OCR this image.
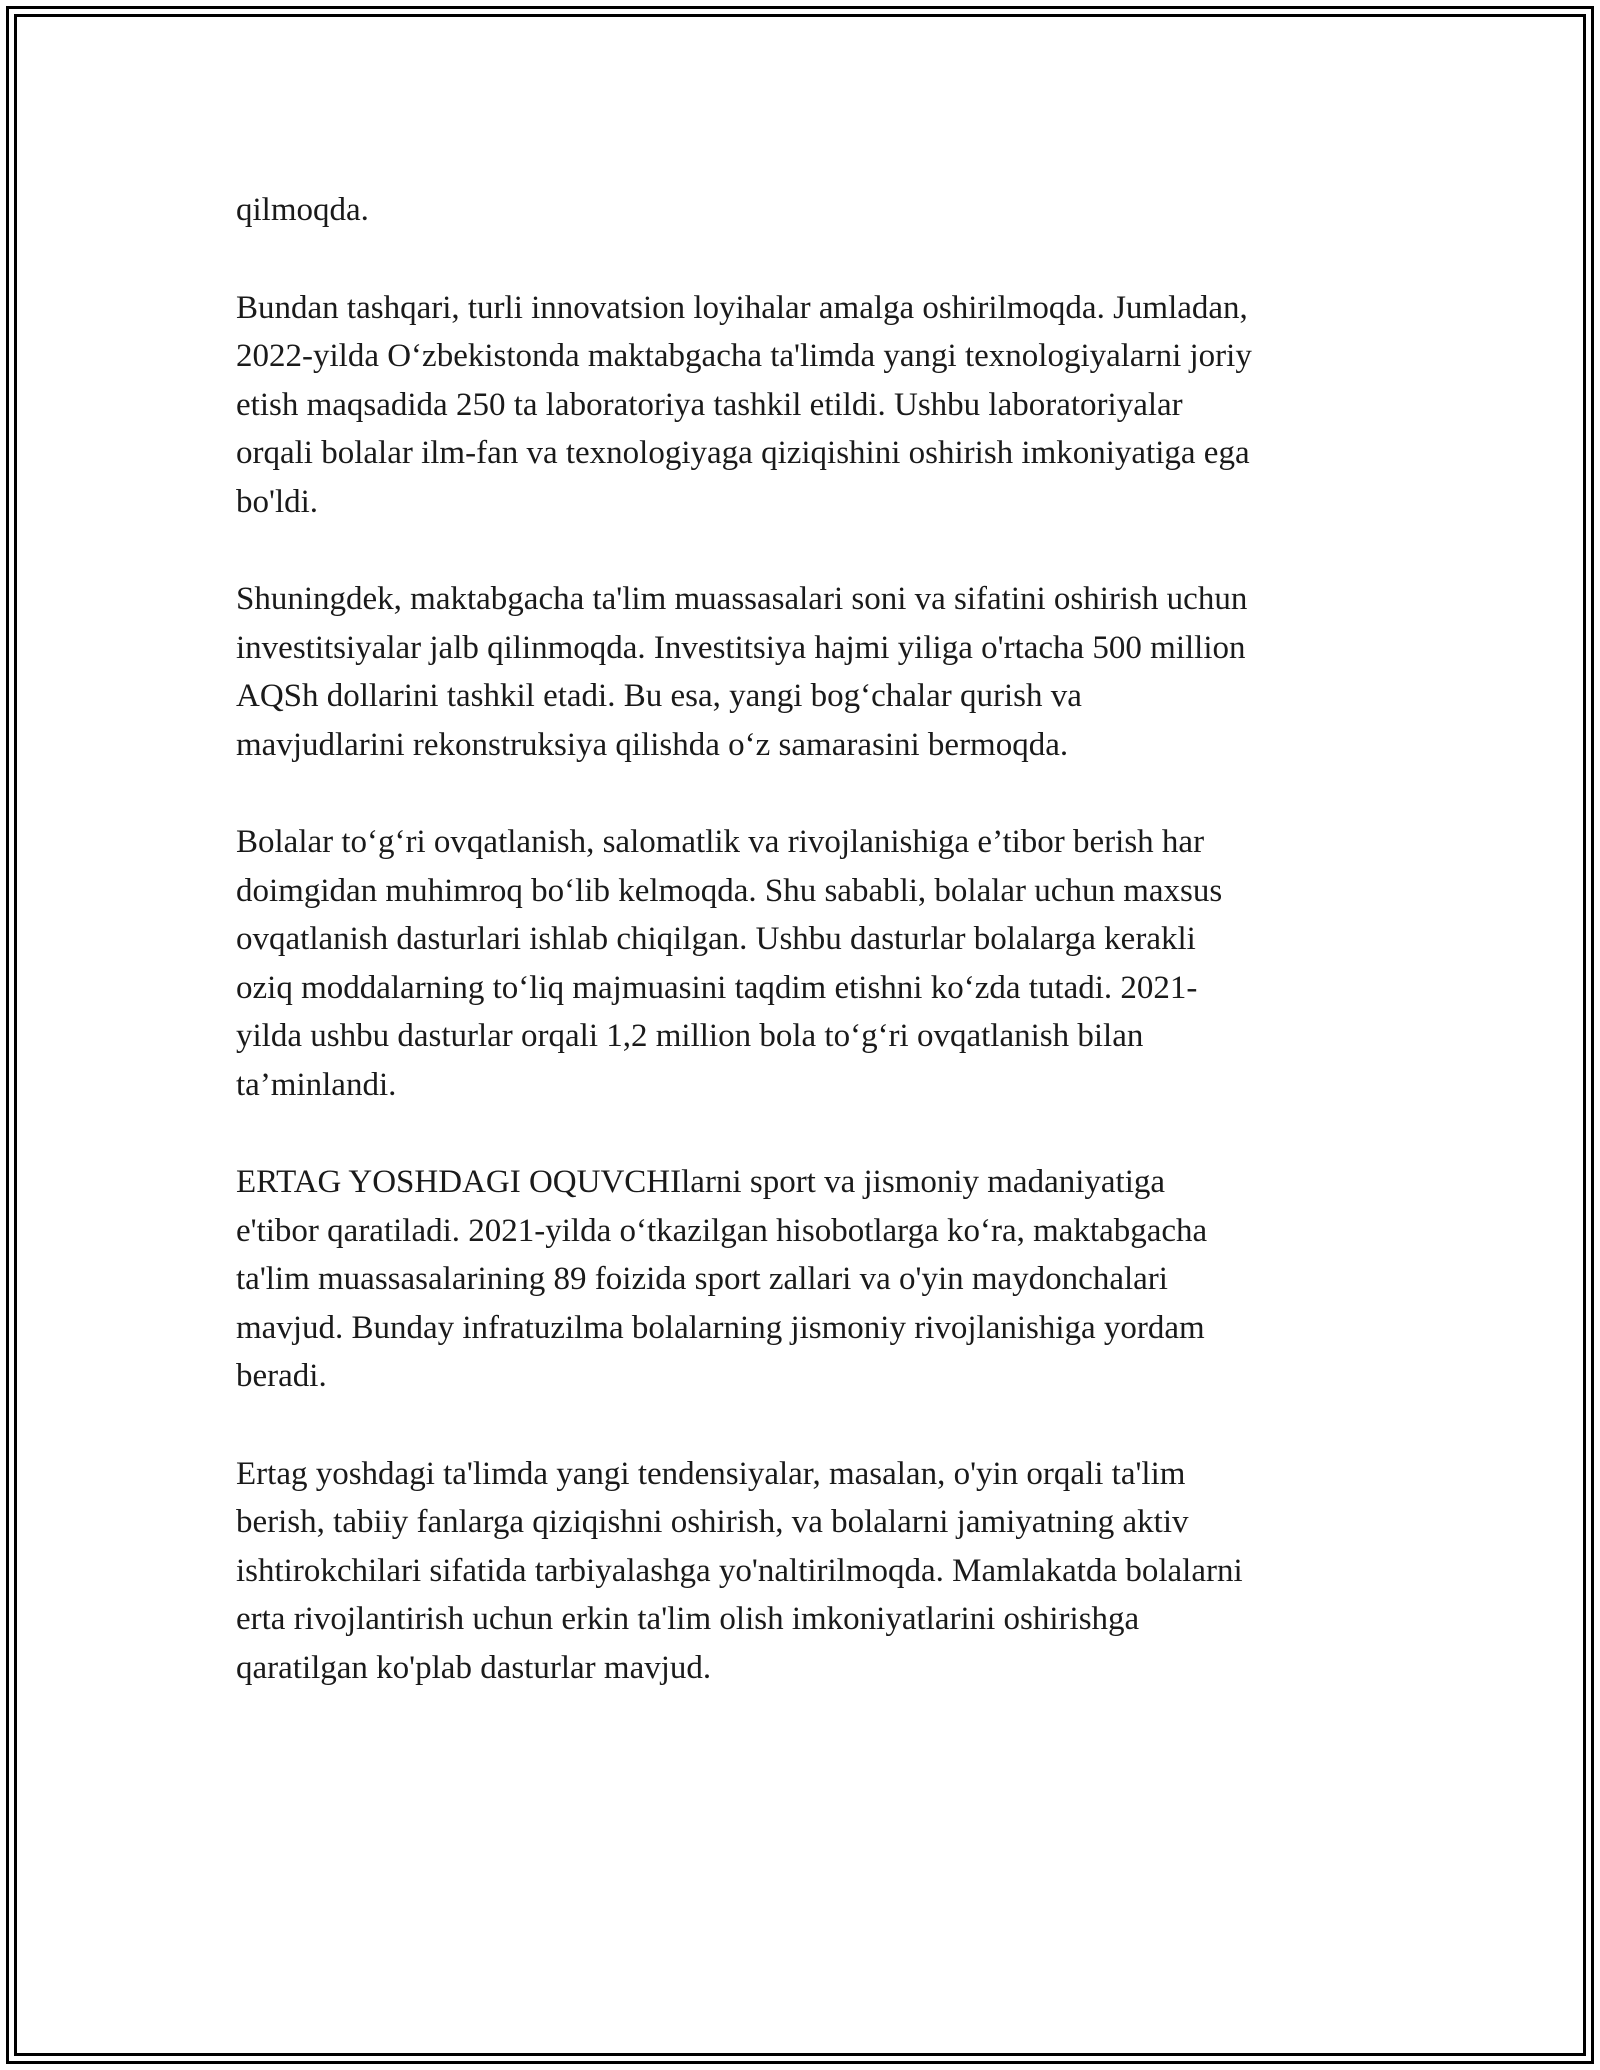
qilmoqda.

Bundan tashqari, turli innovatsion loyihalar amalga oshirilmoqda. Jumladan,
2022-yilda O‘zbekistonda maktabgacha ta'limda yangi texnologiyalarni joriy
etish maqsadida 250 ta laboratoriya tashkil etildi. Ushbu laboratoriyalar
orqali bolalar ilm-fan va texnologiyaga qiziqishini oshirish imkoniyatiga ega
bo'ldi.

Shuningdek, maktabgacha ta'lim muassasalari soni va sifatini oshirish uchun
investitsiyalar jalb qilinmoqda. Investitsiya hajmi yiliga o'rtacha 500 million
AQSh dollarini tashkil etadi. Bu esa, yangi bog‘chalar qurish va
mavjudlarini rekonstruksiya qilishda o‘z samarasini bermoqda.

Bolalar to‘g‘ri ovqatlanish, salomatlik va rivojlanishiga e’tibor berish har
doimgidan muhimroq bo‘lib kelmoqda. Shu sababli, bolalar uchun maxsus
ovqatlanish dasturlari ishlab chiqilgan. Ushbu dasturlar bolalarga kerakli
oziq moddalarning to‘liq majmuasini taqdim etishni ko‘zda tutadi. 2021-
yilda ushbu dasturlar orqali 1,2 million bola to‘g‘ri ovqatlanish bilan
ta’minlandi.

ERTAG YOSHDAGI OQUVCHIlarni sport va jismoniy madaniyatiga
e'tibor qaratiladi. 2021-yilda o‘tkazilgan hisobotlarga ko‘ra, maktabgacha
ta'lim muassasalarining 89 foizida sport zallari va o'yin maydonchalari
mavjud. Bunday infratuzilma bolalarning jismoniy rivojlanishiga yordam
beradi.

Ertag yoshdagi ta'limda yangi tendensiyalar, masalan, o'yin orqali ta'lim
berish, tabiiy fanlarga qiziqishni oshirish, va bolalarni jamiyatning aktiv
ishtirokchilari sifatida tarbiyalashga yo'naltirilmoqda. Mamlakatda bolalarni
erta rivojlantirish uchun erkin ta'lim olish imkoniyatlarini oshirishga
qaratilgan ko'plab dasturlar mavjud.
